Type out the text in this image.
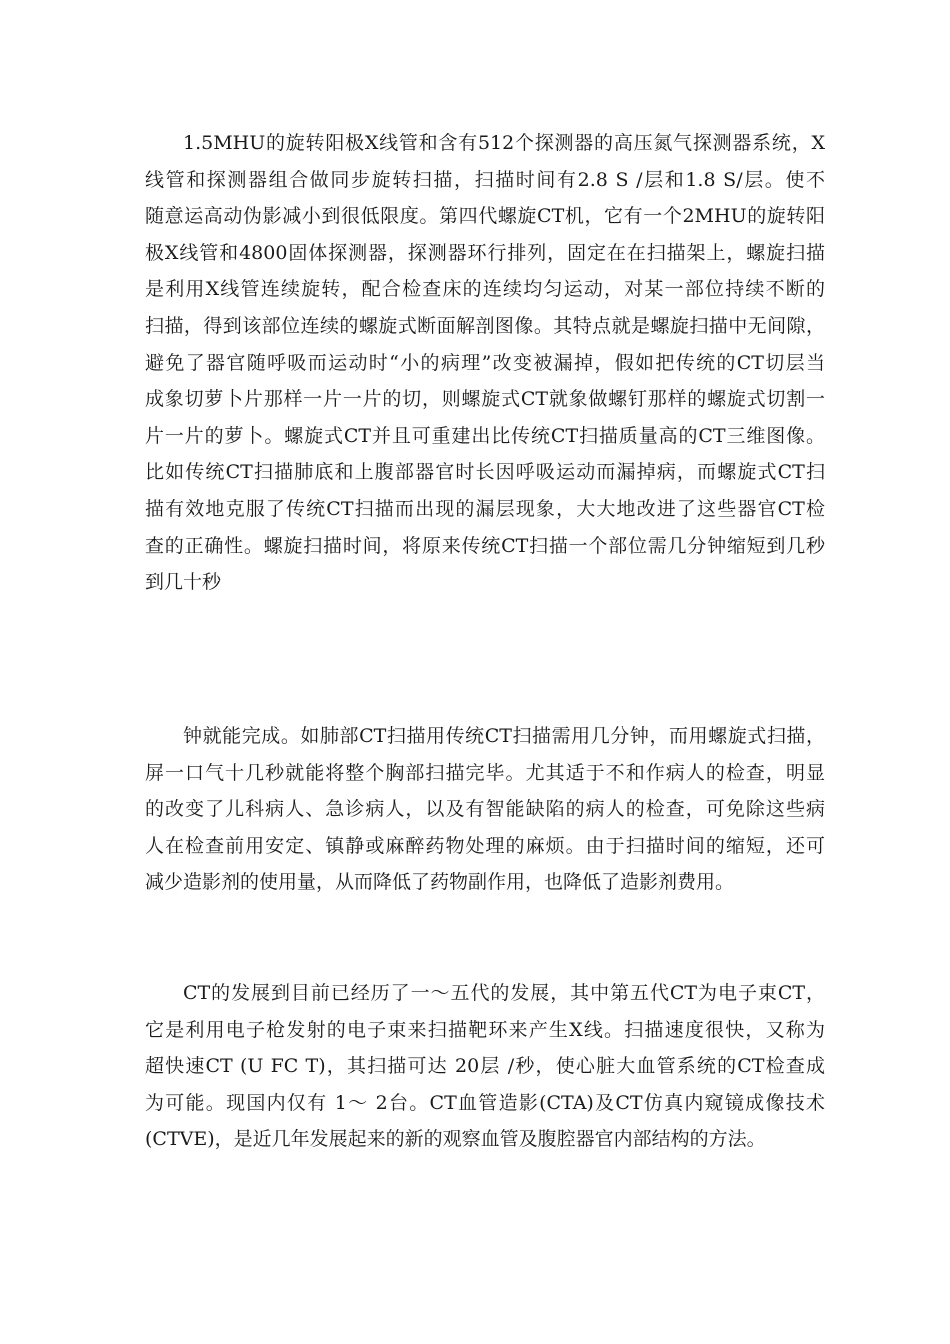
1.5MHU的旋转阳极X线管和含有512个探测器的高压氮气探测器系统，X
线管和探测器组合做同步旋转扫描，扫描时间有2.8 S /层和1.8 S/层。使不
随意运高动伪影减小到很低限度。第四代螺旋CT机，它有一个2MHU的旋转阳
极X线管和4800固体探测器，探测器环行排列，固定在在扫描架上，螺旋扫描
是利用X线管连续旋转，配合检查床的连续均匀运动，对某一部位持续不断的
扫描，得到该部位连续的螺旋式断面解剖图像。其特点就是螺旋扫描中无间隙，
避免了器官随呼吸而运动时“小的病理”改变被漏掉，假如把传统的CT切层当
成象切萝卜片那样一片一片的切，则螺旋式CT就象做螺钉那样的螺旋式切割一
片一片的萝卜。螺旋式CT并且可重建出比传统CT扫描质量高的CT三维图像。
比如传统CT扫描肺底和上腹部器官时长因呼吸运动而漏掉病，而螺旋式CT扫
描有效地克服了传统CT扫描而出现的漏层现象，大大地改进了这些器官CT检
查的正确性。螺旋扫描时间，将原来传统CT扫描一个部位需几分钟缩短到几秒
到几十秒
钟就能完成。如肺部CT扫描用传统CT扫描需用几分钟，而用螺旋式扫描，
屏一口气十几秒就能将整个胸部扫描完毕。尤其适于不和作病人的检查，明显
的改变了儿科病人、急诊病人，以及有智能缺陷的病人的检查，可免除这些病
人在检查前用安定、镇静或麻醉药物处理的麻烦。由于扫描时间的缩短，还可
减少造影剂的使用量，从而降低了药物副作用，也降低了造影剂费用。
CT的发展到目前已经历了一～五代的发展，其中第五代CT为电子束CT，
它是利用电子枪发射的电子束来扫描靶环来产生X线。扫描速度很快，又称为
超快速CT (U FC T)，其扫描可达 20层 /秒，使心脏大血管系统的CT检查成
为可能。现国内仅有 1～ 2台。CT血管造影(CTA)及CT仿真内窥镜成像技术
(CTVE)，是近几年发展起来的新的观察血管及腹腔器官内部结构的方法。
